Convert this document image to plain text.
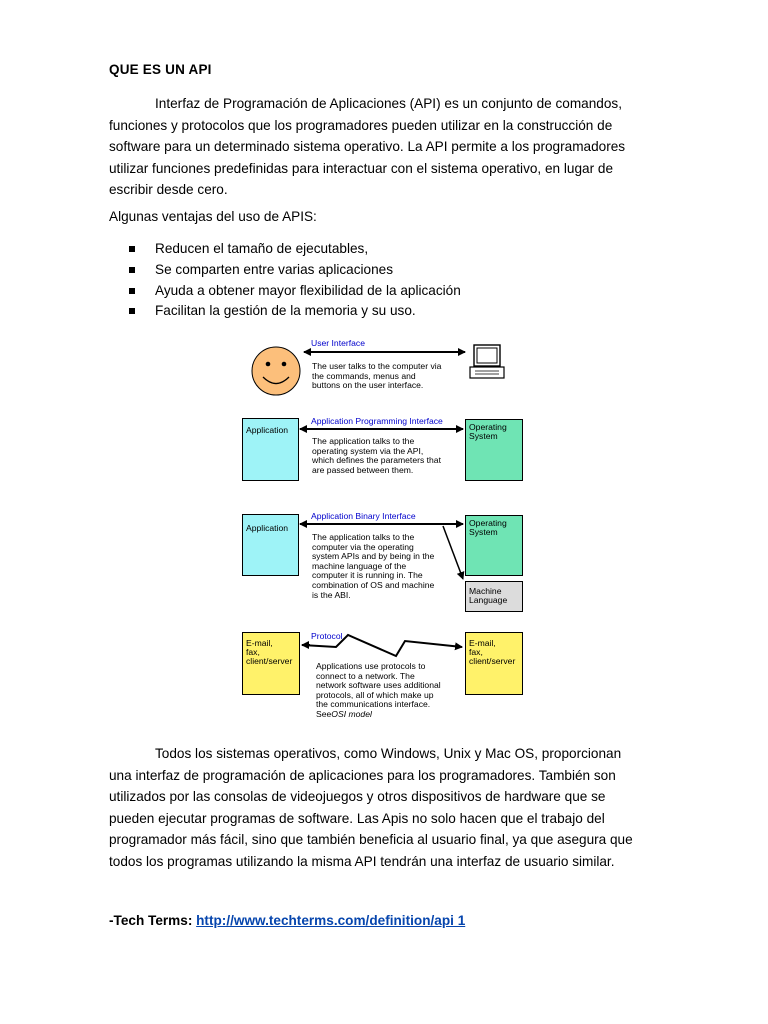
QUE ES UN API

Interfaz de Programación de Aplicaciones (API) es un conjunto de comandos,
funciones y protocolos que los programadores pueden utilizar en la construcción de
software para un determinado sistema operativo. La API permite a los programadores
utilizar funciones predefinidas para interactuar con el sistema operativo, en lugar de
escribir desde cero.

Algunas ventajas del uso de APIS:

Reducen el tamaño de ejecutables,
Se comparten entre varias aplicaciones
Ayuda a obtener mayor flexibilidad de la aplicación
Facilitan la gestión de la memoria y su uso.
User Interface
The user talks to the computer via
the commands, menus and
buttons on the user interface.
Application
Application Programming Interface
The application talks to the
operating system via the API,
which defines the parameters that
are passed between them.
Operating
System
Application
Application Binary Interface
The application talks to the
computer via the operating
system APIs and by being in the
machine language of the
computer it is running in. The
combination of OS and machine
is the ABI.
Operating
System
Machine
Language
E-mail,
fax,
client/server
Protocol
Applications use protocols to
connect to a network. The
network software uses additional
protocols, all of which make up
the communications interface.
SeeOSI model
E-mail,
fax,
client/server

Todos los sistemas operativos, como Windows, Unix y Mac OS, proporcionan
una interfaz de programación de aplicaciones para los programadores. También son
utilizados por las consolas de videojuegos y otros dispositivos de hardware que se
pueden ejecutar programas de software. Las Apis no solo hacen que el trabajo del
programador más fácil, sino que también beneficia al usuario final, ya que asegura que
todos los programas utilizando la misma API tendrán una interfaz de usuario similar.

-Tech Terms: http://www.techterms.com/definition/api 1
